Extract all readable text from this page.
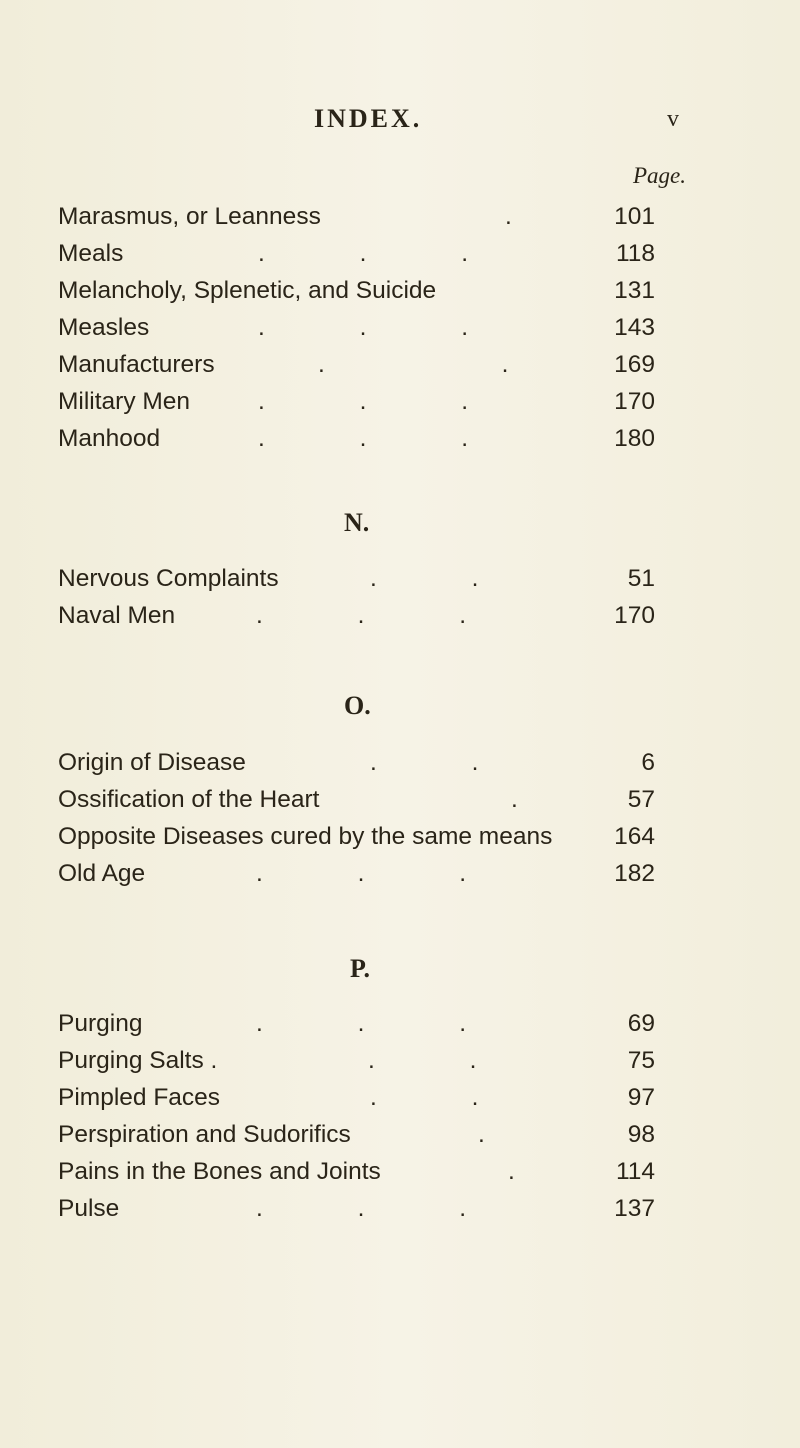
INDEX.	v
Page.
Marasmus, or Leanness	.	101
Meals	. . .	118
Melancholy, Splenetic, and Suicide	131
Measles	. . .	143
Manufacturers	. .	169
Military Men	. . .	170
Manhood	. . .	180
N.
Nervous Complaints	. .	51
Naval Men	. . .	170
O.
Origin of Disease	. .	6
Ossification of the Heart	.	57
Opposite Diseases cured by the same means	164
Old Age	. . .	182
P.
Purging	. . .	69
Purging Salts .	. .	75
Pimpled Faces	. .	97
Perspiration and Sudorifics	.	98
Pains in the Bones and Joints	.	114
Pulse	. . .	137
